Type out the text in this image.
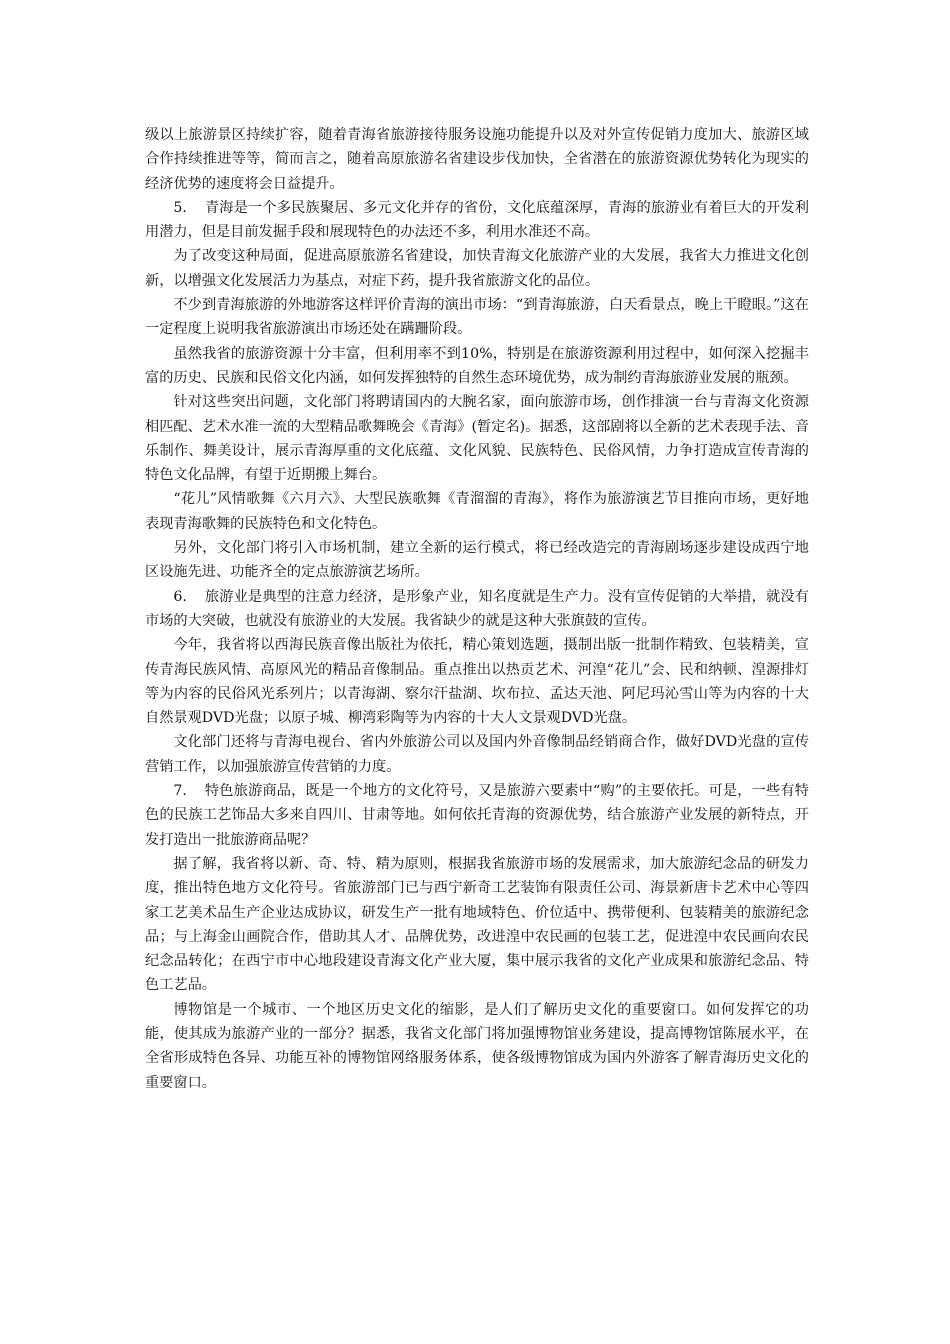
级以上旅游景区持续扩容，随着青海省旅游接待服务设施功能提升以及对外宣传促销力度加大、旅游区域合作持续推进等等，简而言之，随着高原旅游名省建设步伐加快，全省潜在的旅游资源优势转化为现实的经济优势的速度将会日益提升。

5. 青海是一个多民族聚居、多元文化并存的省份，文化底蕴深厚，青海的旅游业有着巨大的开发利用潜力，但是目前发掘手段和展现特色的办法还不多，利用水准还不高。

为了改变这种局面，促进高原旅游名省建设，加快青海文化旅游产业的大发展，我省大力推进文化创新，以增强文化发展活力为基点，对症下药，提升我省旅游文化的品位。

不少到青海旅游的外地游客这样评价青海的演出市场：“到青海旅游，白天看景点，晚上干瞪眼。”这在一定程度上说明我省旅游演出市场还处在蹒跚阶段。

虽然我省的旅游资源十分丰富，但利用率不到10%，特别是在旅游资源利用过程中，如何深入挖掘丰富的历史、民族和民俗文化内涵，如何发挥独特的自然生态环境优势，成为制约青海旅游业发展的瓶颈。

针对这些突出问题，文化部门将聘请国内的大腕名家，面向旅游市场，创作排演一台与青海文化资源相匹配、艺术水准一流的大型精品歌舞晚会《青海》(暂定名)。据悉，这部剧将以全新的艺术表现手法、音乐制作、舞美设计，展示青海厚重的文化底蕴、文化风貌、民族特色、民俗风情，力争打造成宣传青海的特色文化品牌，有望于近期搬上舞台。

“花儿”风情歌舞《六月六》、大型民族歌舞《青溜溜的青海》，将作为旅游演艺节目推向市场，更好地表现青海歌舞的民族特色和文化特色。

另外，文化部门将引入市场机制，建立全新的运行模式，将已经改造完的青海剧场逐步建设成西宁地区设施先进、功能齐全的定点旅游演艺场所。

6. 旅游业是典型的注意力经济，是形象产业，知名度就是生产力。没有宣传促销的大举措，就没有市场的大突破，也就没有旅游业的大发展。我省缺少的就是这种大张旗鼓的宣传。

今年，我省将以西海民族音像出版社为依托，精心策划选题，摄制出版一批制作精致、包装精美，宣传青海民族风情、高原风光的精品音像制品。重点推出以热贡艺术、河湟“花儿”会、民和纳顿、湟源排灯等为内容的民俗风光系列片；以青海湖、察尔汗盐湖、坎布拉、孟达天池、阿尼玛沁雪山等为内容的十大自然景观DVD光盘；以原子城、柳湾彩陶等为内容的十大人文景观DVD光盘。

文化部门还将与青海电视台、省内外旅游公司以及国内外音像制品经销商合作，做好DVD光盘的宣传营销工作，以加强旅游宣传营销的力度。

7. 特色旅游商品，既是一个地方的文化符号，又是旅游六要素中“购”的主要依托。可是，一些有特色的民族工艺饰品大多来自四川、甘肃等地。如何依托青海的资源优势，结合旅游产业发展的新特点，开发打造出一批旅游商品呢？

据了解，我省将以新、奇、特、精为原则，根据我省旅游市场的发展需求，加大旅游纪念品的研发力度，推出特色地方文化符号。省旅游部门已与西宁新奇工艺装饰有限责任公司、海景新唐卡艺术中心等四家工艺美术品生产企业达成协议，研发生产一批有地域特色、价位适中、携带便利、包装精美的旅游纪念品；与上海金山画院合作，借助其人才、品牌优势，改进湟中农民画的包装工艺，促进湟中农民画向农民纪念品转化；在西宁市中心地段建设青海文化产业大厦，集中展示我省的文化产业成果和旅游纪念品、特色工艺品。

博物馆是一个城市、一个地区历史文化的缩影，是人们了解历史文化的重要窗口。如何发挥它的功能，使其成为旅游产业的一部分？据悉，我省文化部门将加强博物馆业务建设，提高博物馆陈展水平，在全省形成特色各异、功能互补的博物馆网络服务体系，使各级博物馆成为国内外游客了解青海历史文化的重要窗口。
